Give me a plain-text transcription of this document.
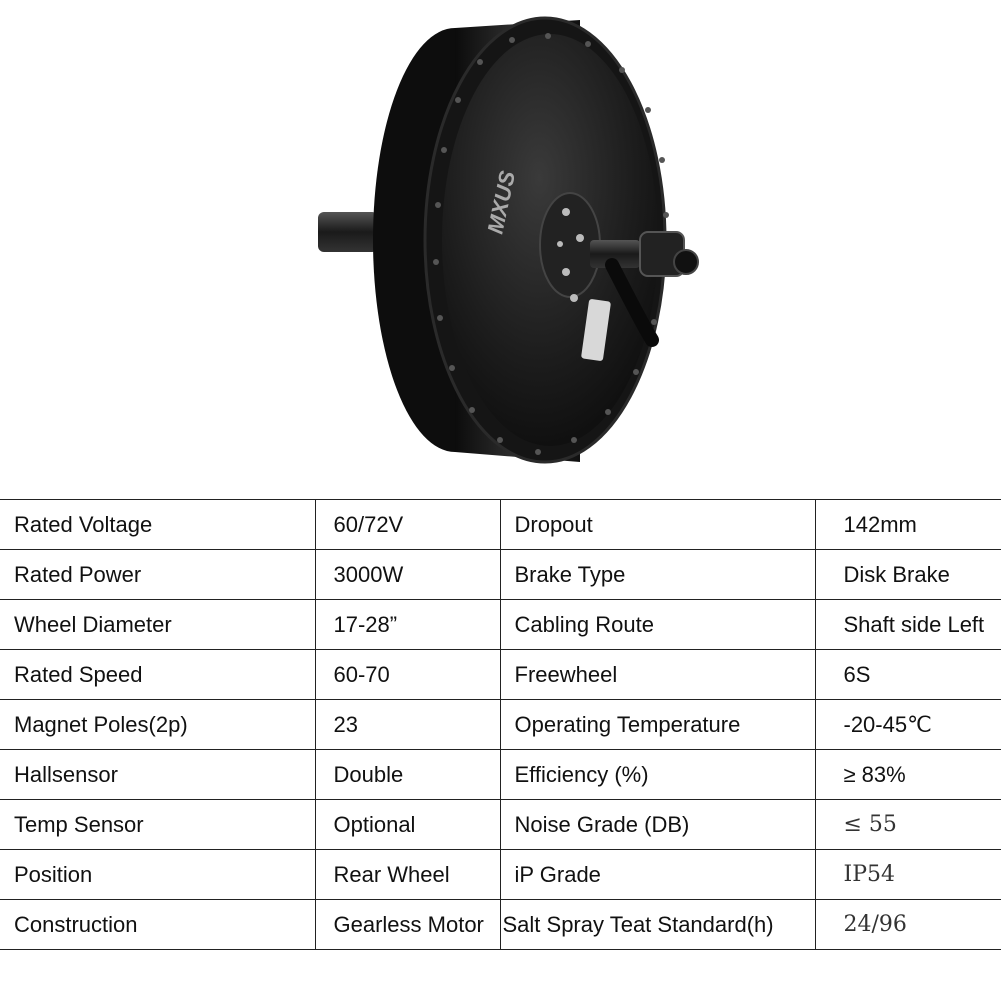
MXUS
Rated Voltage	60/72V	Dropout	142mm
Rated Power	3000W	Brake Type	Disk Brake
Wheel Diameter	17-28”	Cabling Route	Shaft side Left
Rated Speed	60-70	Freewheel	6S
Magnet Poles(2p)	23	Operating Temperature	-20-45℃
Hallsensor	Double	Efficiency (%)	≥ 83%
Temp Sensor	Optional	Noise Grade (DB)	≤ 55
Position	Rear Wheel	iP Grade	IP54
Construction	Gearless Motor	Salt Spray Teat Standard(h)	24/96
